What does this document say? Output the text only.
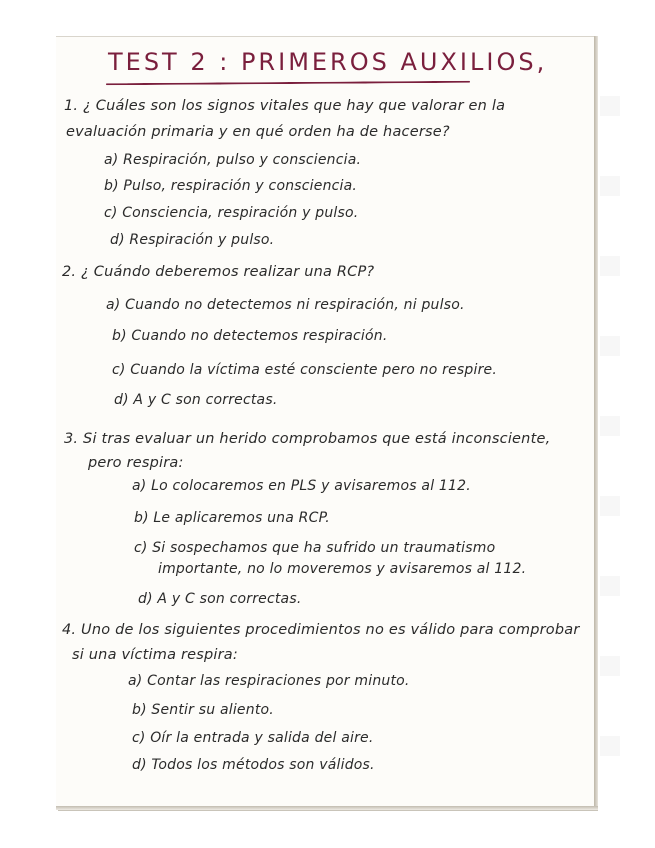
TEST 2 : PRIMEROS AUXILIOS,
1. ¿ Cuáles son los signos vitales que hay que valorar en la
evaluación primaria y en qué orden ha de hacerse?
a) Respiración, pulso y consciencia.
b) Pulso, respiración y consciencia.
c) Consciencia, respiración y pulso.
d) Respiración y pulso.
2. ¿ Cuándo deberemos realizar una RCP?
a) Cuando no detectemos ni respiración, ni pulso.
b) Cuando no detectemos respiración.
c) Cuando la víctima esté consciente pero no respire.
d) A y C son correctas.
3. Si tras evaluar un herido comprobamos que está inconsciente,
pero respira:
a) Lo colocaremos en PLS y avisaremos al 112.
b) Le aplicaremos una RCP.
c) Si sospechamos que ha sufrido un traumatismo
importante, no lo moveremos y avisaremos al 112.
d) A y C son correctas.
4. Uno de los siguientes procedimientos no es válido para comprobar
si una víctima respira:
a) Contar las respiraciones por minuto.
b) Sentir su aliento.
c) Oír la entrada y salida del aire.
d) Todos los métodos son válidos.
